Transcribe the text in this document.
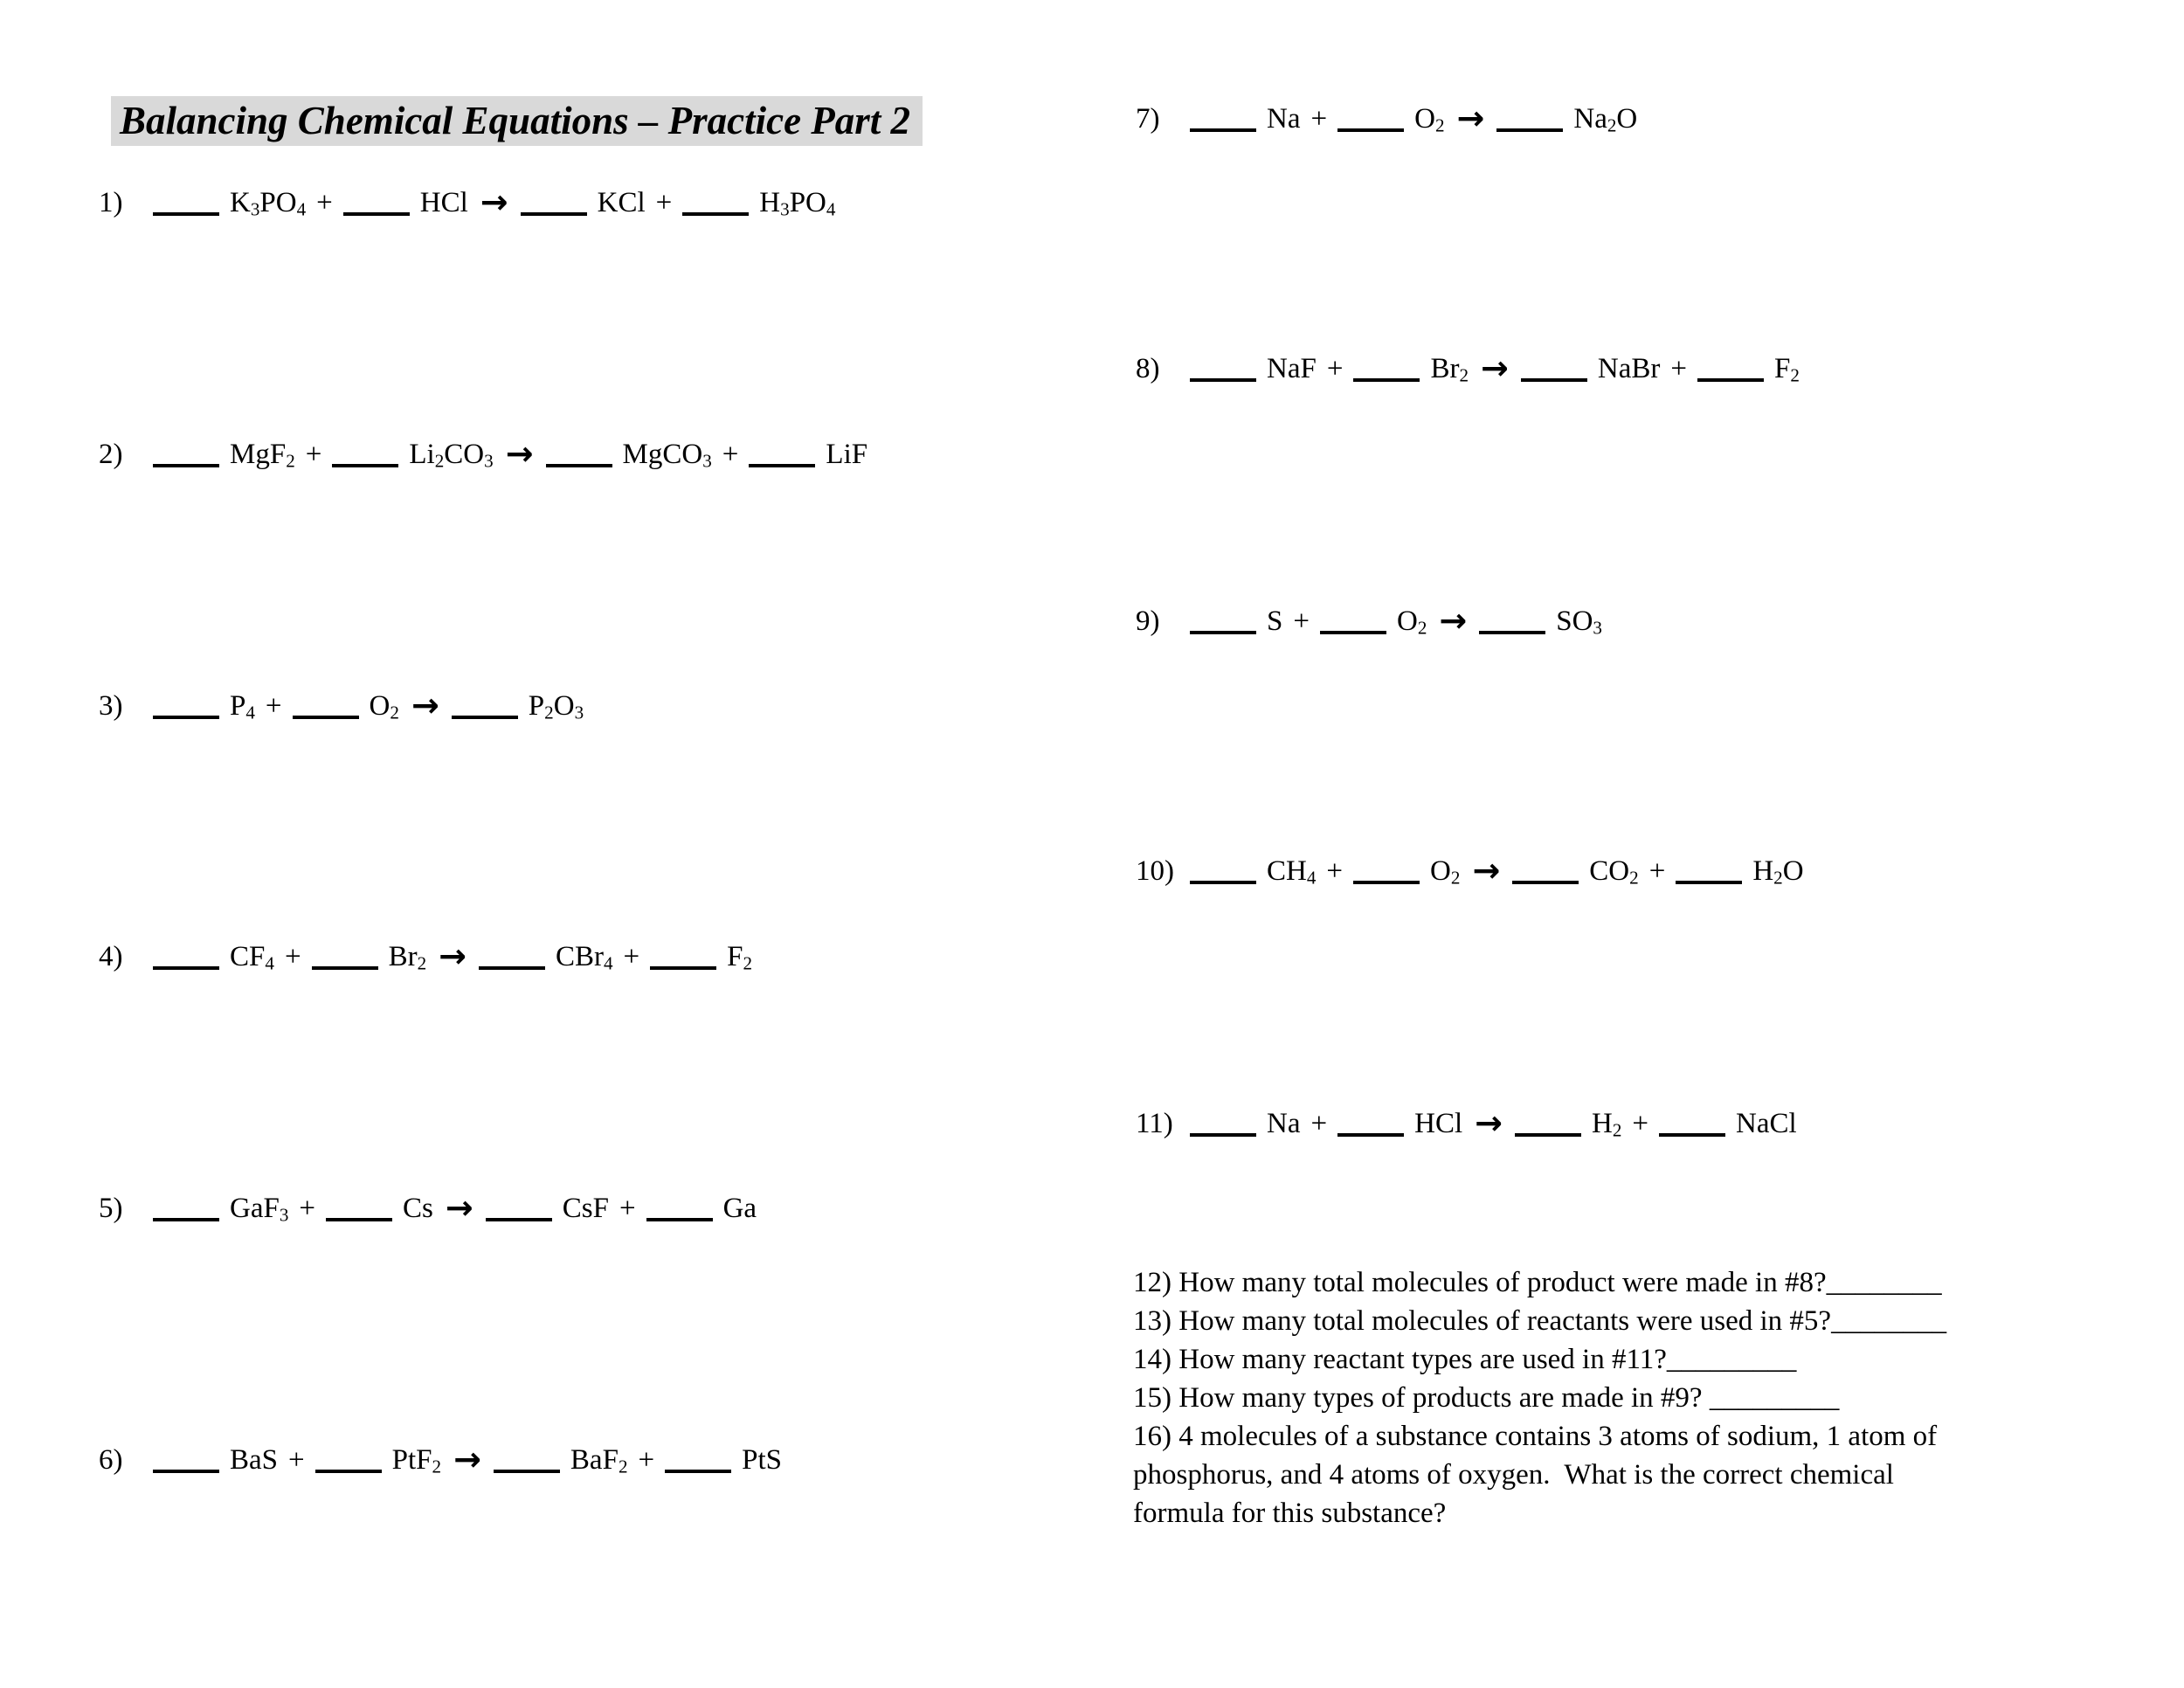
Balancing Chemical Equations – Practice Part 2
1)	$K_3PO_4$ +	HCl →	KCl +	$H_3PO_4$
2)	MgF$_2$ +	$Li_2CO_3$ →	MgCO$_3$ +	LiF
3)	$P_4$ +	$O_2$ →	$P_2O_3$
4)	$CF_4$ +	$Br_2$ →	CBr$_4$ +	$F_2$
5)	GaF$_3$ +	Cs →	CsF +	Ga
6)	BaS +	PtF$_2$ →	BaF$_2$ +	PtS
7)	Na +	$O_2$ →	$Na_2O$
8)	NaF +	$Br_2$ →	NaBr +	$F_2$
9)	S +	$O_2$ →	$SO_3$
10)	$CH_4$ +	$O_2$ →	$CO_2$ +	$H_2O$
11)	Na +	HCl →	$H_2$ +	NaCl
12) How many total molecules of product were made in #8?________
13) How many total molecules of reactants were used in #5?________
14) How many reactant types are used in #11?_________
15) How many types of products are made in #9? _________
16) 4 molecules of a substance contains 3 atoms of sodium, 1 atom of
phosphorus, and 4 atoms of oxygen.  What is the correct chemical
formula for this substance?
